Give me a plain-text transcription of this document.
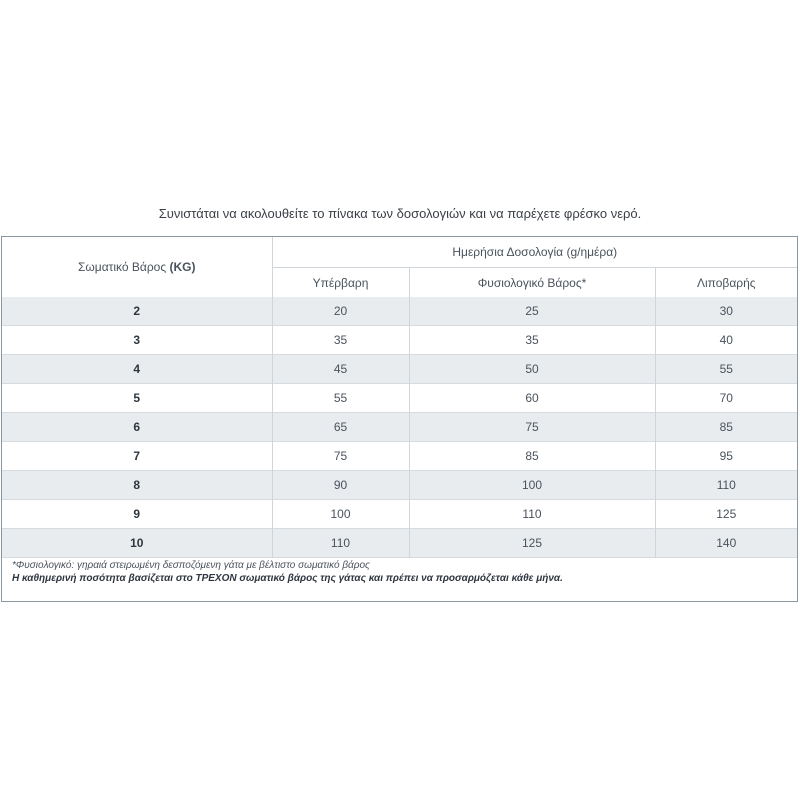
Συνιστάται να ακολουθείτε το πίνακα των δοσολογιών και να παρέχετε φρέσκο νερό.
Σωματικό Βάρος (KG)	Ημερήσια Δοσολογία (g/ημέρα)		
	Υπέρβαρη	Φυσιολογικό Βάρος*	Λιποβαρής
2	20	25	30
3	35	35	40
4	45	50	55
5	55	60	70
6	65	75	85
7	75	85	95
8	90	100	110
9	100	110	125
10	110	125	140
*Φυσιολογικό: γηραιά στειρωμένη δεσποζόμενη γάτα με βέλτιστο σωματικό βάρος
Η καθημερινή ποσότητα βασίζεται στο ΤΡΕΧΟΝ σωματικό βάρος της γάτας και πρέπει να προσαρμόζεται κάθε μήνα.
